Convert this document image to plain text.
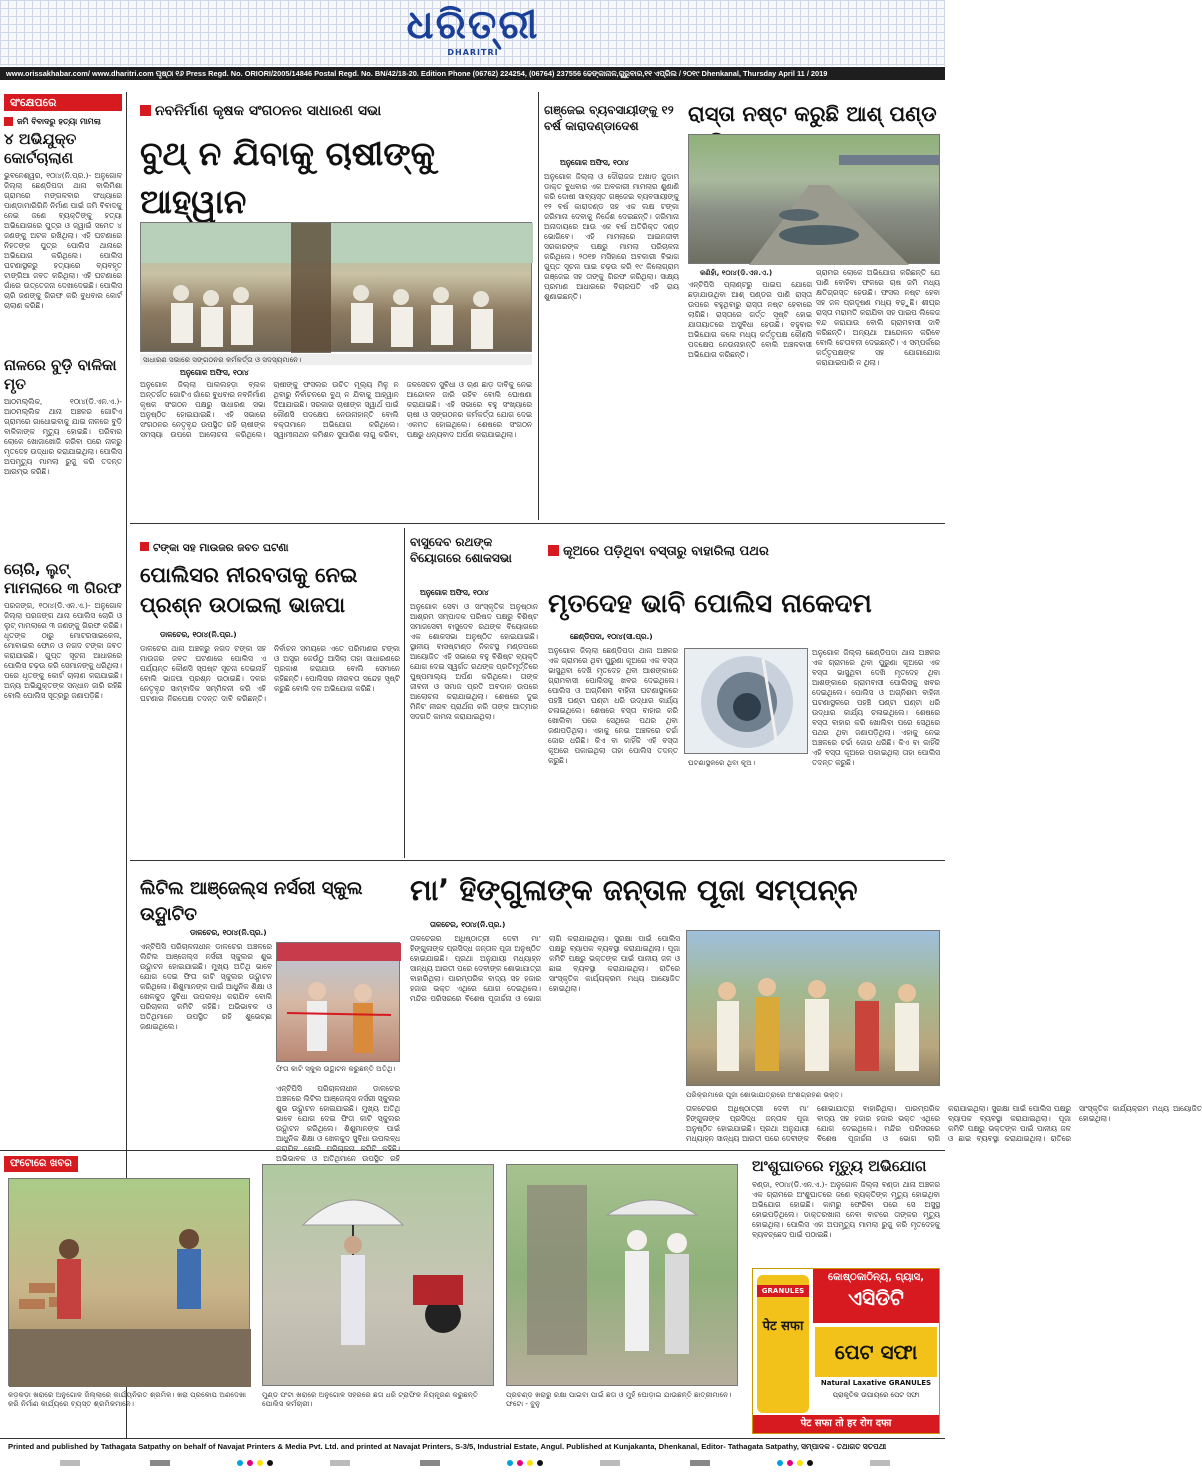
ଧରିତ୍ରୀ
DHARITRI
www.orissakhabar.com/ www.dharitri.com ପୃଷ୍ଠା ୧୬ Press Regd. No. ORIORI/2005/14846 Postal Regd. No. BN/42/18-20. Edition Phone (06762) 224254, (06764) 237556 ଢେଙ୍କାନାଳ,ଗୁରୁବାର,୧୧ ଏପ୍ରିଲ / ୨୦୧୯ Dhenkanal, Thursday April 11 / 2019
ସଂକ୍ଷେପରେ
ଜମି ବିବାଦରୁ ହତ୍ୟା ମାମଲା
୪ ଅଭିଯୁକ୍ତ କୋର୍ଟଚାଲାଣ
ଭୁବନେଶ୍ୱର, ୧୦ା୪(ନି.ପ୍ର.)- ଅନୁଗୋଳ ଜିଲ୍ଲା ଛେଣ୍ଡିପଦା ଥାନା ବାଲିମିଶା ଗ୍ରାମରେ ମଙ୍ଗଳବାର ସଂଧ୍ୟାରେ ପାଣ୍ଡାମାରିଗିନି ନିର୍ମାଣ ପାଇଁ ଜମି ବିବାଦକୁ ନେଇ ଜଣେ ବ୍ୟକ୍ତିଙ୍କୁ ହତ୍ୟା ଅଭିଯୋଗରେ ପୁତ୍ର ଓ ଜ୍ୱାଇଁ ସମେତ ୪ ଜଣଙ୍କୁ ଅଟକ ରଖିଥିଲା। ଏହି ଘଟଣାରେ ନିହତଙ୍କ ପୁତ୍ର ପୋଲିସ ଥାନାରେ ଅଭିଯୋଗ କରିଥିଲେ। ପୋଲିସ ଘଟଣାସ୍ଥଳରୁ ହତ୍ୟାରେ ବ୍ୟବହୃତ ଟାଙ୍ଗିଆ ଜବତ କରିଥିଲା। ଏହି ଘଟଣାରେ ଗାଁରେ ଉତ୍ତେଜନା ଦେଖାଦେଇଛି। ପୋଲିସ ଚାରି ଜଣଙ୍କୁ ଗିରଫ କରି ବୁଧବାର କୋର୍ଟ ଚାଲାଣ କରିଛି।
ନାଳରେ ବୁଡ଼ି ବାଳିକା ମୃତ
ଆଠମଲ୍ଲିକ, ୧୦ା୪(ଡି.ଏନ.ଏ.)- ଆଠମଲ୍ଲିକ ଥାନା ଅଞ୍ଚଳର ଗୋଟିଏ ଗ୍ରାମରେ ଗାଧୋଇବାକୁ ଯାଇ ନାଳରେ ବୁଡ଼ି ବାଳିକାଙ୍କ ମୃତ୍ୟୁ ହୋଇଛି। ପରିବାର ଲୋକେ ଖୋଜାଖୋଜି କରିବା ପରେ ନାଳରୁ ମୃତଦେହ ଉଦ୍ଧାର କରାଯାଇଥିଲା। ପୋଲିସ ଅପମୃତ୍ୟୁ ମାମଲା ରୁଜୁ କରି ତଦନ୍ତ ଆରମ୍ଭ କରିଛି।
ଚୋରି, ଲୁଟ୍ ମାମଲାରେ ୩ ଗିରଫ
ପରଜଙ୍ଗ, ୧୦ା୪(ଡି.ଏନ.ଏ.)- ଅନୁଗୋଳ ଜିଲ୍ଲା ପରଜଙ୍ଗ ଥାନା ପୋଲିସ ଚୋରି ଓ ଲୁଟ୍ ମାମଲାରେ ୩ ଜଣଙ୍କୁ ଗିରଫ କରିଛି। ଧୃତଙ୍କ ଠାରୁ ମୋଟରସାଇକେଲ, ମୋବାଇଲ ଫୋନ ଓ ନଗଦ ଟଙ୍କା ଜବତ କରାଯାଇଛି। ଗୁପ୍ତ ସୂଚନା ଆଧାରରେ ପୋଲିସ ଚଢ଼ଉ କରି ସେମାନଙ୍କୁ ଧରିଥିଲା। ପରେ ଧୃତଙ୍କୁ କୋର୍ଟ ଚାଲାଣ କରାଯାଇଛି। ଅନ୍ୟ ଅଭିଯୁକ୍ତଙ୍କ ସନ୍ଧାନ ଜାରି ରହିଛି ବୋଲି ପୋଲିସ ସୂତ୍ରରୁ ଜଣାପଡ଼ିଛି।
ନବନିର୍ମାଣ କୃଷକ ସଂଗଠନର ସାଧାରଣ ସଭା
ବୁଥ୍ ନ ଯିବାକୁ ଚାଷୀଙ୍କୁ ଆହ୍ୱାନ
ସାଧାରଣ ସଭାରେ ସଙ୍ଗଠନର କର୍ମକର୍ତ୍ତା ଓ ସଦସ୍ୟମାନେ।
ଅନୁଗୋଳ ଅଫିସ, ୧୦ା୪
ଅନୁଗୋଳ ଜିଲ୍ଲା ପାଲଲହଡ଼ା ବ୍ଲକ ଅନ୍ତର୍ଗତ ଗୋଟିଏ ଗାଁରେ ବୁଧବାର ନବନିର୍ମାଣ କୃଷକ ସଂଗଠନ ପକ୍ଷରୁ ସାଧାରଣ ସଭା ଅନୁଷ୍ଠିତ ହୋଇଯାଇଛି। ଏହି ସଭାରେ ସଂଗଠନର ନେତୃବୃନ୍ଦ ଉପସ୍ଥିତ ରହି ଚାଷୀଙ୍କ ସମସ୍ୟା ଉପରେ ଆଲୋଚନା କରିଥିଲେ। ଚାଷୀଙ୍କୁ ଫସଲର ଉଚିତ ମୂଲ୍ୟ ମିଳୁ ନ ଥିବାରୁ ନିର୍ବାଚନରେ ବୁଥ୍ ନ ଯିବାକୁ ଆହ୍ୱାନ ଦିଆଯାଇଛି। ସରକାର ଚାଷୀଙ୍କ ସ୍ୱାର୍ଥ ପାଇଁ କୌଣସି ପଦକ୍ଷେପ ନେଉନାହାନ୍ତି ବୋଲି ବକ୍ତାମାନେ ଅଭିଯୋଗ କରିଥିଲେ। ସ୍ୱାମୀନାଥନ କମିଶନ ସୁପାରିଶ ଲାଗୁ କରିବା, ଜଳସେଚନ ସୁବିଧା ଓ ଋଣ ଛାଡ଼ ଦାବିକୁ ନେଇ ଆନ୍ଦୋଳନ ଜାରି ରହିବ ବୋଲି ଘୋଷଣା କରାଯାଇଛି। ଏହି ସଭାରେ ବହୁ ସଂଖ୍ୟାରେ ଚାଷୀ ଓ ସଙ୍ଗଠନର କର୍ମକର୍ତ୍ତା ଯୋଗ ଦେଇ ଏକମତ ହୋଇଥିଲେ। ଶେଷରେ ସଂଗଠନ ପକ୍ଷରୁ ଧନ୍ୟବାଦ ଅର୍ପଣ କରାଯାଇଥିଲା।
ଗଞ୍ଜେଇ ବ୍ୟବସାୟୀଙ୍କୁ ୧୨ ବର୍ଷ କାରାଦଣ୍ଡାଦେଶ
ଅନୁଗୋଳ ଅଫିସ, ୧୦ା୪
ଅନୁଗୋଳ ଜିଲ୍ଲା ଓ ଦୌରାଜଜ ଅଖାଡ଼ ଜୁଡ଼ାମ ଡାକ୍ତ ବୁଧବାର ଏକ ଅବକାରୀ ମାମଲାର ଶୁଣାଣି କରି ଦୋଷୀ ସାବ୍ୟସ୍ତ ଗଞ୍ଜେଇ ବ୍ୟବସାୟୀଙ୍କୁ ୧୨ ବର୍ଷ କାରାଦଣ୍ଡ ସହ ଏକ ଲକ୍ଷ ଟଙ୍କା ଜରିମାନା ଦେବାକୁ ନିର୍ଦ୍ଦେଶ ଦେଇଛନ୍ତି। ଜରିମାନା ଅନାଦାୟରେ ଆଉ ଏକ ବର୍ଷ ଅତିରିକ୍ତ ଦଣ୍ଡ ଭୋଗିବେ। ଏହି ମାମଲାରେ ଆଇନଜୀବୀ ସରକାରଙ୍କ ପକ୍ଷରୁ ମାମଲା ପରିଚାଳନା କରିଥିଲେ। ୨୦୧୭ ମସିହାରେ ଅବକାରୀ ବିଭାଗ ଗୁପ୍ତ ସୂଚନା ପାଇ ଚଢ଼ଉ କରି ୧୯ କିଲୋଗ୍ରାମ ଗଞ୍ଜେଇ ସହ ତାଙ୍କୁ ଗିରଫ କରିଥିଲା। ସାକ୍ଷ୍ୟ ପ୍ରମାଣ ଆଧାରରେ ବିଚାରପତି ଏହି ରାୟ ଶୁଣାଇଛନ୍ତି।
ରାସ୍ତା ନଷ୍ଟ କରୁଛି ଆଶ୍ ପଣ୍ଡ
କଣିହାଁ, ୧୦ା୪(ଡି.ଏନ.ଏ.)
ଏନ୍ଟିପିସି ପ୍ଲାଣ୍ଟରୁ ପାଇପ ଯୋଗେ ଛଡ଼ାଯାଉଥିବା ଆଶ୍ ପଣ୍ଡର ପାଣି ରାସ୍ତା ଉପରେ ବହୁଥିବାରୁ ରାସ୍ତା ନଷ୍ଟ ହେବାରେ ଲାଗିଛି। ରାସ୍ତାରେ ଗର୍ତ୍ତ ସୃଷ୍ଟି ହୋଇ ଯାତାୟାତରେ ଅସୁବିଧା ହେଉଛି। ବହୁବାର ଅଭିଯୋଗ କଲେ ମଧ୍ୟ କର୍ତ୍ତୃପକ୍ଷ କୌଣସି ପଦକ୍ଷେପ ନେଉନାହାନ୍ତି ବୋଲି ଅଞ୍ଚଳବାସୀ ଅଭିଯୋଗ କରିଛନ୍ତି।
ଗ୍ରାମର ଲୋକେ ଅଭିଯୋଗ କରିଛନ୍ତି ଯେ ପାଣି ବୋହିବା ଫଳରେ ଚାଷ ଜମି ମଧ୍ୟ କ୍ଷତିଗ୍ରସ୍ତ ହେଉଛି। ଫସଲ ନଷ୍ଟ ହେବା ସହ ଜଳ ପ୍ରଦୂଷଣ ମଧ୍ୟ ବଢ଼ୁଛି। ଶୀଘ୍ର ରାସ୍ତା ମରାମତି କରାଯିବା ସହ ପାଇପ ଲିକେଜ ବନ୍ଦ କରାଯାଉ ବୋଲି ଗ୍ରାମବାସୀ ଦାବି କରିଛନ୍ତି। ଅନ୍ୟଥା ଆନ୍ଦୋଳନ କରିବେ ବୋଲି ଚେତାବନୀ ଦେଇଛନ୍ତି। ଏ ସମ୍ପର୍କରେ କର୍ତ୍ତୃପକ୍ଷଙ୍କ ସହ ଯୋଗାଯୋଗ କରାଯାଇପାରି ନ ଥିଲା।
ଟଙ୍କା ସହ ମାଉଜର ଜବତ ଘଟଣା
ପୋଲିସର ନୀରବତାକୁ ନେଇ ପ୍ରଶ୍ନ ଉଠାଇଲା ଭାଜପା
ଡାଳଚେର, ୧୦ା୪(ନି.ପ୍ର.)
ଡାଳଚେର ଥାନା ଅଞ୍ଚଳରୁ ନଗଦ ଟଙ୍କା ସହ ମାଉଜର ଜବତ ଘଟଣାରେ ପୋଲିସ ଏ ପର୍ଯ୍ୟନ୍ତ କୌଣସି ସ୍ପଷ୍ଟ ସୂଚନା ଦେଇନାହିଁ ବୋଲି ଭାଜପା ପ୍ରଶ୍ନ ଉଠାଇଛି। ଦଳର ନେତୃବୃନ୍ଦ ସାମ୍ବାଦିକ ସମ୍ମିଳନୀ କରି ଏହି ଘଟଣାର ନିରପେକ୍ଷ ତଦନ୍ତ ଦାବି କରିଛନ୍ତି। ନିର୍ବାଚନ ସମୟରେ ଏତେ ପରିମାଣର ଟଙ୍କା ଓ ଅସ୍ତ୍ର କେଉଁଠୁ ଆସିଲା ତାହା ସାଧାରଣରେ ପ୍ରକାଶ କରାଯାଉ ବୋଲି ସେମାନେ କହିଛନ୍ତି। ପୋଲିସର ନୀରବତା ସନ୍ଦେହ ସୃଷ୍ଟି କରୁଛି ବୋଲି ଦଳ ଅଭିଯୋଗ କରିଛି।
ବାସୁଦେବ ରଥଙ୍କ ବିୟୋଗରେ ଶୋକସଭା
ଅନୁଗୋଳ ଅଫିସ, ୧୦ା୪
ଅନୁଗୋଳ ସେବା ଓ ସାଂସ୍କୃତିକ ଅନୁଷ୍ଠାନ ଆଶ୍ରମ ସମ୍ପାଦକ ପରିଷଦ ପକ୍ଷରୁ ବିଶିଷ୍ଟ ସମାଜସେବୀ ବାସୁଦେବ ରଥଙ୍କ ବିୟୋଗରେ ଏକ ଶୋକସଭା ଅନୁଷ୍ଠିତ ହୋଇଯାଇଛି। ସ୍ଥାନୀୟ ବାସଷ୍ଟାଣ୍ଡ ନିକଟସ୍ଥ ମଣ୍ଡପରେ ଆୟୋଜିତ ଏହି ସଭାରେ ବହୁ ବିଶିଷ୍ଟ ବ୍ୟକ୍ତି ଯୋଗ ଦେଇ ସ୍ୱର୍ଗତ ରଥଙ୍କ ପ୍ରତିମୂର୍ତ୍ତିରେ ପୁଷ୍ପମାଲ୍ୟ ଅର୍ପଣ କରିଥିଲେ। ତାଙ୍କ ଜୀବନୀ ଓ ସମାଜ ପ୍ରତି ଅବଦାନ ଉପରେ ଆଲୋଚନା କରାଯାଇଥିଲା। ଶେଷରେ ଦୁଇ ମିନିଟ ନୀରବ ପ୍ରାର୍ଥନା କରି ତାଙ୍କ ଆତ୍ମାର ସଦଗତି କାମନା କରାଯାଇଥିଲା।
କୂଅରେ ପଡ଼ିଥିବା ବସ୍ତାରୁ ବାହାରିଲା ପଥର
ମୃତଦେହ ଭାବି ପୋଲିସ ନାକେଦମ
ଛେଣ୍ଡିପଦା, ୧୦ା୪(ସୀ.ପ୍ର.)
ଅନୁଗୋଳ ଜିଲ୍ଲା ଛେଣ୍ଡିପଦା ଥାନା ଅଞ୍ଚଳର ଏକ ଗ୍ରାମରେ ଥିବା ପୁରୁଣା କୂଅରେ ଏକ ବସ୍ତା ଭାସୁଥିବା ଦେଖି ମୃତଦେହ ଥିବା ଆଶଙ୍କାରେ ଗ୍ରାମବାସୀ ପୋଲିସକୁ ଖବର ଦେଇଥିଲେ। ପୋଲିସ ଓ ଅଗ୍ନିଶମ ବାହିନୀ ଘଟଣାସ୍ଥଳରେ ପହଞ୍ଚି ଘଣ୍ଟା ଘଣ୍ଟା ଧରି ଉଦ୍ଧାର କାର୍ଯ୍ୟ ଚଳାଇଥିଲେ। ଶେଷରେ ବସ୍ତା ବାହାର କରି ଖୋଲିବା ପରେ ସେଥିରେ ପଥର ଥିବା ଜଣାପଡ଼ିଥିଲା। ଏହାକୁ ନେଇ ଅଞ୍ଚଳରେ ଚର୍ଚ୍ଚା ଜୋର ଧରିଛି। କିଏ ବା କାହିଁକି ଏହି ବସ୍ତା କୂଅରେ ପକାଇଥିଲା ତାହା ପୋଲିସ ତଦନ୍ତ କରୁଛି।	ଘଟଣାସ୍ଥଳରେ ଥିବା କୂଅ।
ଅନୁଗୋଳ ଜିଲ୍ଲା ଛେଣ୍ଡିପଦା ଥାନା ଅଞ୍ଚଳର ଏକ ଗ୍ରାମରେ ଥିବା ପୁରୁଣା କୂଅରେ ଏକ ବସ୍ତା ଭାସୁଥିବା ଦେଖି ମୃତଦେହ ଥିବା ଆଶଙ୍କାରେ ଗ୍ରାମବାସୀ ପୋଲିସକୁ ଖବର ଦେଇଥିଲେ। ପୋଲିସ ଓ ଅଗ୍ନିଶମ ବାହିନୀ ଘଟଣାସ୍ଥଳରେ ପହଞ୍ଚି ଘଣ୍ଟା ଘଣ୍ଟା ଧରି ଉଦ୍ଧାର କାର୍ଯ୍ୟ ଚଳାଇଥିଲେ। ଶେଷରେ ବସ୍ତା ବାହାର କରି ଖୋଲିବା ପରେ ସେଥିରେ ପଥର ଥିବା ଜଣାପଡ଼ିଥିଲା। ଏହାକୁ ନେଇ ଅଞ୍ଚଳରେ ଚର୍ଚ୍ଚା ଜୋର ଧରିଛି। କିଏ ବା କାହିଁକି ଏହି ବସ୍ତା କୂଅରେ ପକାଇଥିଲା ତାହା ପୋଲିସ ତଦନ୍ତ କରୁଛି।
ଲିଟିଲ ଆଞ୍ଜେଲ୍ସ ନର୍ସରୀ ସ୍କୁଲ ଉଦ୍ଘାଟିତ
ଡାଳଚେର, ୧୦ା୪(ନି.ପ୍ର.)
ଏନ୍ଟିପିସି ପରିଚାଳନାଧୀନ ଡାଳଚେର ଅଞ୍ଚଳରେ ଲିଟିଲ ଆଞ୍ଜେଲ୍ସ ନର୍ସରୀ ସ୍କୁଲର ଶୁଭ ଉଦ୍ଘାଟନ ହୋଇଯାଇଛି। ମୁଖ୍ୟ ଅତିଥି ଭାବେ ଯୋଗ ଦେଇ ଫିତା କାଟି ସ୍କୁଲର ଉଦ୍ଘାଟନ କରିଥିଲେ। ଶିଶୁମାନଙ୍କ ପାଇଁ ଆଧୁନିକ ଶିକ୍ଷା ଓ ଖେଳକୁଦ ସୁବିଧା ଉପଲବ୍ଧ କରାଯିବ ବୋଲି ପରିଚାଳନା କମିଟି କହିଛି। ଅଭିଭାବକ ଓ ଅତିଥିମାନେ ଉପସ୍ଥିତ ରହି ଶୁଭେଚ୍ଛା ଜଣାଇଥିଲେ।
ଫିତା କାଟି ସ୍କୁଲ ଉଦ୍ଘାଟନ କରୁଛନ୍ତି ଅତିଥି।
ଏନ୍ଟିପିସି ପରିଚାଳନାଧୀନ ଡାଳଚେର ଅଞ୍ଚଳରେ ଲିଟିଲ ଆଞ୍ଜେଲ୍ସ ନର୍ସରୀ ସ୍କୁଲର ଶୁଭ ଉଦ୍ଘାଟନ ହୋଇଯାଇଛି। ମୁଖ୍ୟ ଅତିଥି ଭାବେ ଯୋଗ ଦେଇ ଫିତା କାଟି ସ୍କୁଲର ଉଦ୍ଘାଟନ କରିଥିଲେ। ଶିଶୁମାନଙ୍କ ପାଇଁ ଆଧୁନିକ ଶିକ୍ଷା ଓ ଖେଳକୁଦ ସୁବିଧା ଉପଲବ୍ଧ କରାଯିବ ବୋଲି ପରିଚାଳନା କମିଟି କହିଛି। ଅଭିଭାବକ ଓ ଅତିଥିମାନେ ଉପସ୍ଥିତ ରହି
ମା’ ହିଙ୍ଗୁଳାଙ୍କ ଜନ୍ତାଳ ପୂଜା ସମ୍ପନ୍ନ
ତାଳଚେର, ୧୦ା୪(ନି.ପ୍ର.)
ତାଳଚେରର ଅଧିଷ୍ଠାତ୍ରୀ ଦେବୀ ମା’ ହିଙ୍ଗୁଳାଙ୍କ ପ୍ରସିଦ୍ଧ ଜନ୍ତାଳ ପୂଜା ଅନୁଷ୍ଠିତ ହୋଇଯାଇଛି। ପ୍ରଥା ଅନୁଯାୟୀ ମଧ୍ୟାହ୍ନ ସାନ୍ଧ୍ୟ ଆରତୀ ପରେ ଦେବୀଙ୍କ ଶୋଭାଯାତ୍ରା ବାହାରିଥିଲା। ପାରମ୍ପରିକ ବାଦ୍ୟ ସହ ହଜାର ହଜାର ଭକ୍ତ ଏଥିରେ ଯୋଗ ଦେଇଥିଲେ। ମନ୍ଦିର ପରିସରରେ ବିଶେଷ ପୂଜାର୍ଚ୍ଚନା ଓ ଭୋଗ ଲାଗି କରାଯାଇଥିଲା। ସୁରକ୍ଷା ପାଇଁ ପୋଲିସ ପକ୍ଷରୁ ବ୍ୟାପକ ବ୍ୟବସ୍ଥା କରାଯାଇଥିଲା। ପୂଜା କମିଟି ପକ୍ଷରୁ ଭକ୍ତଙ୍କ ପାଇଁ ପାନୀୟ ଜଳ ଓ ଛାଇ ବ୍ୟବସ୍ଥା କରାଯାଇଥିଲା। ରାତିରେ ସାଂସ୍କୃତିକ କାର୍ଯ୍ୟକ୍ରମ ମଧ୍ୟ ଆୟୋଜିତ ହୋଇଥିଲା।
ପରିକ୍ରମାରେ ପୂଜା ଶୋଭାଯାତ୍ରାରେ ଅଂଶଗ୍ରହଣ ଭକ୍ତ।
ତାଳଚେରର ଅଧିଷ୍ଠାତ୍ରୀ ଦେବୀ ମା’ ହିଙ୍ଗୁଳାଙ୍କ ପ୍ରସିଦ୍ଧ ଜନ୍ତାଳ ପୂଜା ଅନୁଷ୍ଠିତ ହୋଇଯାଇଛି। ପ୍ରଥା ଅନୁଯାୟୀ ମଧ୍ୟାହ୍ନ ସାନ୍ଧ୍ୟ ଆରତୀ ପରେ ଦେବୀଙ୍କ ଶୋଭାଯାତ୍ରା ବାହାରିଥିଲା। ପାରମ୍ପରିକ ବାଦ୍ୟ ସହ ହଜାର ହଜାର ଭକ୍ତ ଏଥିରେ ଯୋଗ ଦେଇଥିଲେ। ମନ୍ଦିର ପରିସରରେ ବିଶେଷ ପୂଜାର୍ଚ୍ଚନା ଓ ଭୋଗ ଲାଗି କରାଯାଇଥିଲା। ସୁରକ୍ଷା ପାଇଁ ପୋଲିସ ପକ୍ଷରୁ ବ୍ୟାପକ ବ୍ୟବସ୍ଥା କରାଯାଇଥିଲା। ପୂଜା କମିଟି ପକ୍ଷରୁ ଭକ୍ତଙ୍କ ପାଇଁ ପାନୀୟ ଜଳ ଓ ଛାଇ ବ୍ୟବସ୍ଥା କରାଯାଇଥିଲା। ରାତିରେ ସାଂସ୍କୃତିକ କାର୍ଯ୍ୟକ୍ରମ ମଧ୍ୟ ଆୟୋଜିତ ହୋଇଥିଲା।
ଫଟୋରେ ଖବର
କଡ଼କଡ଼ା ଖରାରେ ଅନୁଗୋଳ ଜିଲ୍ଲାରେ କାର୍ଯ୍ୟନିରତ ଶ୍ରମିକ। ଖରା ପ୍ରକୋପ ଅଣଦେଖା କରି ନିର୍ମାଣ କାର୍ଯ୍ୟରେ ବ୍ୟସ୍ତ ଶ୍ରମିକମାନେ।
ମୁଣ୍ଡ ଫଟା ଖରାରେ ଅନୁଗୋଳ ସହରରେ ଛତା ଧରି ଟ୍ରାଫିକ ନିୟନ୍ତ୍ରଣ କରୁଛନ୍ତି ପୋଲିସ କର୍ମଚାରୀ।
ପ୍ରଚଣ୍ଡ ଖରାରୁ ରକ୍ଷା ପାଇବା ପାଇଁ ଛତା ଓ ମୁହଁ ଘୋଡ଼ାଇ ଯାଉଛନ୍ତି ଛାତ୍ରୀମାନେ। ଫଟୋ - ବୁନୁ
ଅଂଶୁଘାତରେ ମୃତ୍ୟୁ ଅଭିଯୋଗ
ବଣ୍ଡା, ୧୦ା୪(ଡି.ଏନ.ଏ.)- ଅନୁଗୋଳ ଜିଲ୍ଲା ବଣ୍ଡା ଥାନା ଅଞ୍ଚଳର ଏକ ଗ୍ରାମରେ ଅଂଶୁଘାତରେ ଜଣେ ବ୍ୟକ୍ତିଙ୍କ ମୃତ୍ୟୁ ହୋଇଥିବା ଅଭିଯୋଗ ହୋଇଛି। କାମରୁ ଫେରିବା ପରେ ସେ ଅସୁସ୍ଥ ହୋଇପଡ଼ିଥିଲେ। ଡାକ୍ତରଖାନା ନେବା ବାଟରେ ତାଙ୍କର ମୃତ୍ୟୁ ହୋଇଥିଲା। ପୋଲିସ ଏକ ଅପମୃତ୍ୟୁ ମାମଲା ରୁଜୁ କରି ମୃତଦେହକୁ ବ୍ୟବଚ୍ଛେଦ ପାଇଁ ପଠାଇଛି।
କୋଷ୍ଠକାଠିନ୍ୟ, ଗ୍ୟାସ,
ଏସିଡିଟି
GRANULES
पेट सफा
ପେଟ ସଫା
Natural Laxative GRANULES
ପ୍ରାକୃତିକ ଉପାୟରେ ପେଟ ସଫା
पेट सफा तो हर रोग दफा
Printed and published by Tathagata Satpathy on behalf of Navajat Printers & Media Pvt. Ltd. and printed at Navajat Printers, S-3/5, Industrial Estate, Angul. Published at Kunjakanta, Dhenkanal, Editor- Tathagata Satpathy, ସମ୍ପାଦକ - ତଥାଗତ ସତପଥୀ
